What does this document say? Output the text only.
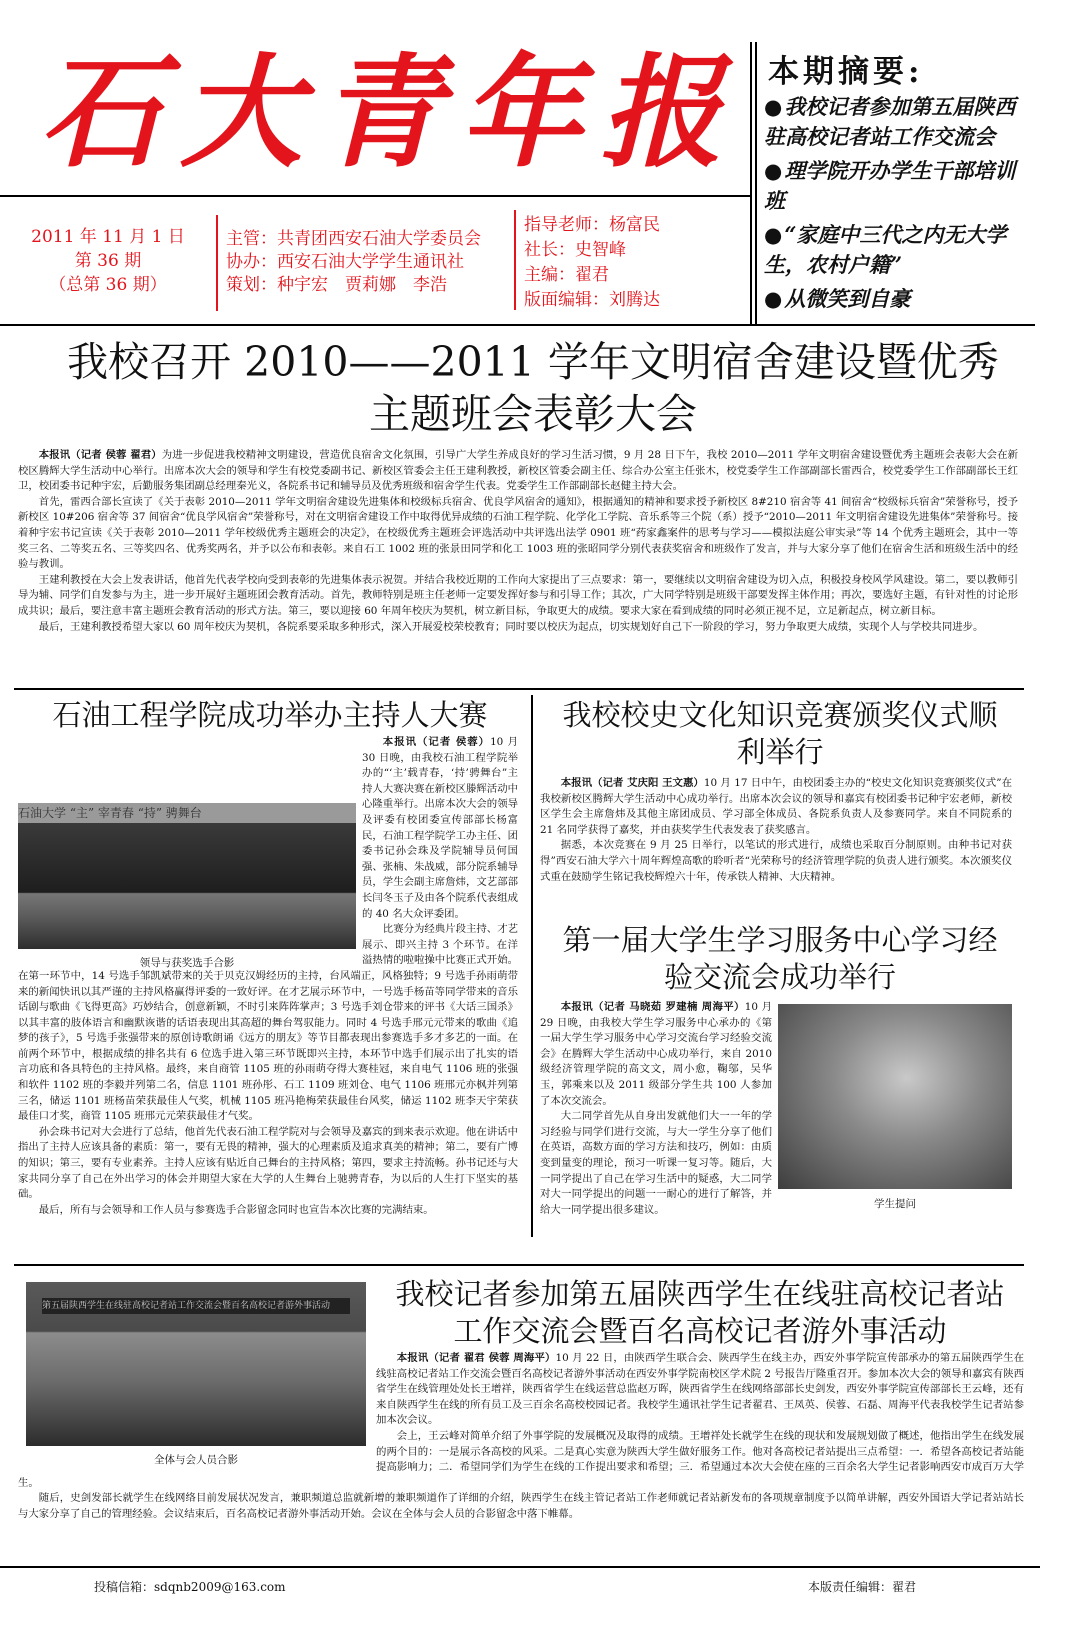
石大青年报 本期摘要:
● 我校记者参加第五届陕西驻高校记者站工作交流会
● 理学院开办学生干部培训班
● “家庭中三代之内无大学生，农村户籍”
● 从微笑到自豪
2011 年 11 月 1 日
第 36 期
（总第 36 期）
主管：共青团西安石油大学委员会
协办：西安石油大学学生通讯社
策划：种宇宏　贾莉娜　李浩
指导老师：杨富民
社长：史智峰
主编：翟君
版面编辑：刘腾达
我校召开 2010——2011 学年文明宿舍建设暨优秀
主题班会表彰大会

本报讯（记者 侯蓉 翟君）为进一步促进我校精神文明建设，营造优良宿舍文化氛围，引导广大学生养成良好的学习生活习惯，9 月 28 日下午，我校 2010—2011 学年文明宿舍建设暨优秀主题班会表彰大会在新校区腾辉大学生活动中心举行。出席本次大会的领导和学生有校党委副书记、新校区管委会主任王建利教授，新校区管委会副主任、综合办公室主任张木，校党委学生工作部副部长雷西合，校党委学生工作部副部长王红卫，校团委书记种宇宏，后勤服务集团副总经理秦光义，各院系书记和辅导员及优秀班级和宿舍学生代表。党委学生工作部副部长赵健主持大会。

首先，雷西合部长宣读了《关于表彰 2010—2011 学年文明宿舍建设先进集体和校级标兵宿舍、优良学风宿舍的通知》，根据通知的精神和要求授予新校区 8#210 宿舍等 41 间宿舍“校级标兵宿舍”荣誉称号，授予新校区 10#206 宿舍等 37 间宿舍“优良学风宿舍”荣誉称号，对在文明宿舍建设工作中取得优异成绩的石油工程学院、化学化工学院、音乐系等三个院（系）授予“2010—2011 年文明宿舍建设先进集体”荣誉称号。接着种宇宏书记宣读《关于表彰 2010—2011 学年校级优秀主题班会的决定》，在校级优秀主题班会评选活动中共评选出法学 0901 班“药家鑫案件的思考与学习——模拟法庭公审实录”等 14 个优秀主题班会，其中一等奖三名、二等奖五名、三等奖四名、优秀奖两名，并予以公布和表彰。来自石工 1002 班的张景田同学和化工 1003 班的张昭同学分别代表获奖宿舍和班级作了发言，并与大家分享了他们在宿舍生活和班级生活中的经验与教训。

王建利教授在大会上发表讲话，他首先代表学校向受到表彰的先进集体表示祝贺。并结合我校近期的工作向大家提出了三点要求：第一，要继续以文明宿舍建设为切入点，积极投身校风学风建设。第二，要以教师引导为辅、同学们自发参与为主，进一步开展好主题班团会教育活动。首先，教师特别是班主任老师一定要发挥好参与和引导工作；其次，广大同学特别是班级干部要发挥主体作用；再次，要选好主题，有针对性的讨论形成共识；最后，要注意丰富主题班会教育活动的形式方法。第三，要以迎接 60 年周年校庆为契机，树立新目标，争取更大的成绩。要求大家在看到成绩的同时必须正视不足，立足新起点，树立新目标。

最后，王建利教授希望大家以 60 周年校庆为契机，各院系要采取多种形式，深入开展爱校荣校教育；同时要以校庆为起点，切实规划好自己下一阶段的学习，努力争取更大成绩，实现个人与学校共同进步。

石油工程学院成功举办主持人大赛
石油大学 “主” 宰青春 “持” 骋舞台
领导与获奖选手合影

本报讯（记者 侯蓉）10 月 30 日晚，由我校石油工程学院举办的“‘主’载青春，‘持’骋舞台”主持人大赛决赛在新校区滕辉活动中心隆重举行。出席本次大会的领导及评委有校团委宣传部部长杨富民，石油工程学院学工办主任、团委书记孙会珠及学院辅导员何国强、张楠、朱战威，部分院系辅导员，学生会副主席詹炜，文艺部部长闫冬玉子及由各个院系代表组成的 40 名大众评委团。

比赛分为经典片段主持、才艺展示、即兴主持 3 个环节。在洋溢热情的啦啦操中比赛正式开始。在第一环节中，14 号选手邹凯斌带来的关于贝克汉姆经历的主持，台风端正，风格独特；9 号选手孙雨萌带来的新闻快讯以其严谨的主持风格赢得评委的一致好评。在才艺展示环节中，一号选手杨苗等同学带来的音乐话剧与歌曲《飞得更高》巧妙结合，创意新颖，不时引来阵阵掌声；3 号选手刘仓带来的评书《大话三国杀》以其丰富的肢体语言和幽默诙谐的话语表现出其高超的舞台驾驭能力。同时 4 号选手邢元元带来的歌曲《追梦的孩子》，5 号选手张强带来的原创诗歌朗诵《远方的朋友》等节目都表现出参赛选手多才多艺的一面。在前两个环节中，根据成绩的排名共有 6 位选手进入第三环节既即兴主持，本环节中选手们展示出了扎实的语言功底和各具特色的主持风格。最终，来自商管 1105 班的孙雨萌夺得大赛桂冠，来自电气 1106 班的张强和软件 1102 班的李毅并列第二名，信息 1101 班孙彤、石工 1109 班刘仓、电气 1106 班邢元亦枫并列第三名，储运 1101 班杨苗荣获最佳人气奖，机械 1105 班冯艳梅荣获最佳台风奖，储运 1102 班李天宇荣获最佳口才奖，商管 1105 班邢元元荣获最佳才气奖。

孙会珠书记对大会进行了总结，他首先代表石油工程学院对与会领导及嘉宾的到来表示欢迎。他在讲话中指出了主持人应该具备的素质：第一，要有无畏的精神，强大的心理素质及追求真美的精神；第二，要有广博的知识；第三，要有专业素养。主持人应该有贴近自己舞台的主持风格；第四，要求主持流畅。孙书记还与大家共同分享了自己在外出学习的体会并期望大家在大学的人生舞台上驰骋青春，为以后的人生打下坚实的基础。

最后，所有与会领导和工作人员与参赛选手合影留念同时也宣告本次比赛的完满结束。

我校校史文化知识竞赛颁奖仪式顺
利举行

本报讯（记者 艾庆阳 王文惠）10 月 17 日中午，由校团委主办的“校史文化知识竞赛颁奖仪式”在我校新校区腾辉大学生活动中心成功举行。出席本次会议的领导和嘉宾有校团委书记种宇宏老师，新校区学生会主席詹炜及其他主席团成员、学习部全体成员、各院系负责人及参赛同学。来自不同院系的 21 名同学获得了嘉奖，并由获奖学生代表发表了获奖感言。

据悉，本次竞赛在 9 月 25 日举行，以笔试的形式进行，成绩也采取百分制原则。由种书记对获得”西安石油大学六十周年辉煌高歌的聆听者“光荣称号的经济管理学院的负责人进行颁奖。本次颁奖仪式重在鼓励学生铭记我校辉煌六十年，传承铁人精神、大庆精神。

第一届大学生学习服务中心学习经
验交流会成功举行
学生提问

本报讯（记者 马晓茹 罗建楠 周海平）10 月 29 日晚，由我校大学生学习服务中心承办的《第一届大学生学习服务中心学习交流台学习经验交流会》在腾辉大学生活动中心成功举行，来自 2010 级经济管理学院的高文文，周小愈，鞠邬，吴华玉，郭乘来以及 2011 级部分学生共 100 人参加了本次交流会。

大二同学首先从自身出发就他们大一一年的学习经验与同学们进行交流，与大一学生分享了他们在英语，高数方面的学习方法和技巧，例如：由质变到量变的理论，预习一听课一复习等。随后，大一同学提出了自己在学习生活中的疑惑，大二同学对大一同学提出的问题一一耐心的进行了解答，并给大一同学提出很多建议。

第五届陕西学生在线驻高校记者站工作交流会暨百名高校记者游外事活动
全体与会人员合影
我校记者参加第五届陕西学生在线驻高校记者站
工作交流会暨百名高校记者游外事活动

本报讯（记者 翟君 侯蓉 周海平）10 月 22 日，由陕西学生联合会、陕西学生在线主办，西安外事学院宣传部承办的第五届陕西学生在线驻高校记者站工作交流会暨百名高校记者游外事活动在西安外事学院南校区学术院 2 号报告厅隆重召开。参加本次大会的领导和嘉宾有陕西省学生在线管理处处长王增祥，陕西省学生在线运营总监赵万晖，陕西省学生在线网络部部长史剑发，西安外事学院宣传部部长王云峰，还有来自陕西学生在线的所有员工及三百余名高校校园记者。我校学生通讯社学生记者翟君、王凤英、侯蓉、石磊、周海平代表我校学生记者站参加本次会议。

会上，王云峰对简单介绍了外事学院的发展概况及取得的成绩。王增祥处长就学生在线的现状和发展规划做了概述，他指出学生在线发展的两个目的：一是展示各高校的风采。二是真心实意为陕西大学生做好服务工作。他对各高校记者站提出三点希望：一．希望各高校记者站能提高影响力；二．希望同学们为学生在线的工作提出要求和希望；三．希望通过本次大会使在座的三百余名大学生记者影响西安市成百万大学生。

随后，史剑发部长就学生在线网络目前发展状况发言，兼职频道总监就新增的兼职频道作了详细的介绍，陕西学生在线主管记者站工作老师就记者站新发布的各项规章制度予以简单讲解，西安外国语大学记者站站长与大家分享了自己的管理经验。会议结束后，百名高校记者游外事活动开始。会议在全体与会人员的合影留念中落下帷幕。

投稿信箱：sdqnb2009@163.com	本版责任编辑：翟君
